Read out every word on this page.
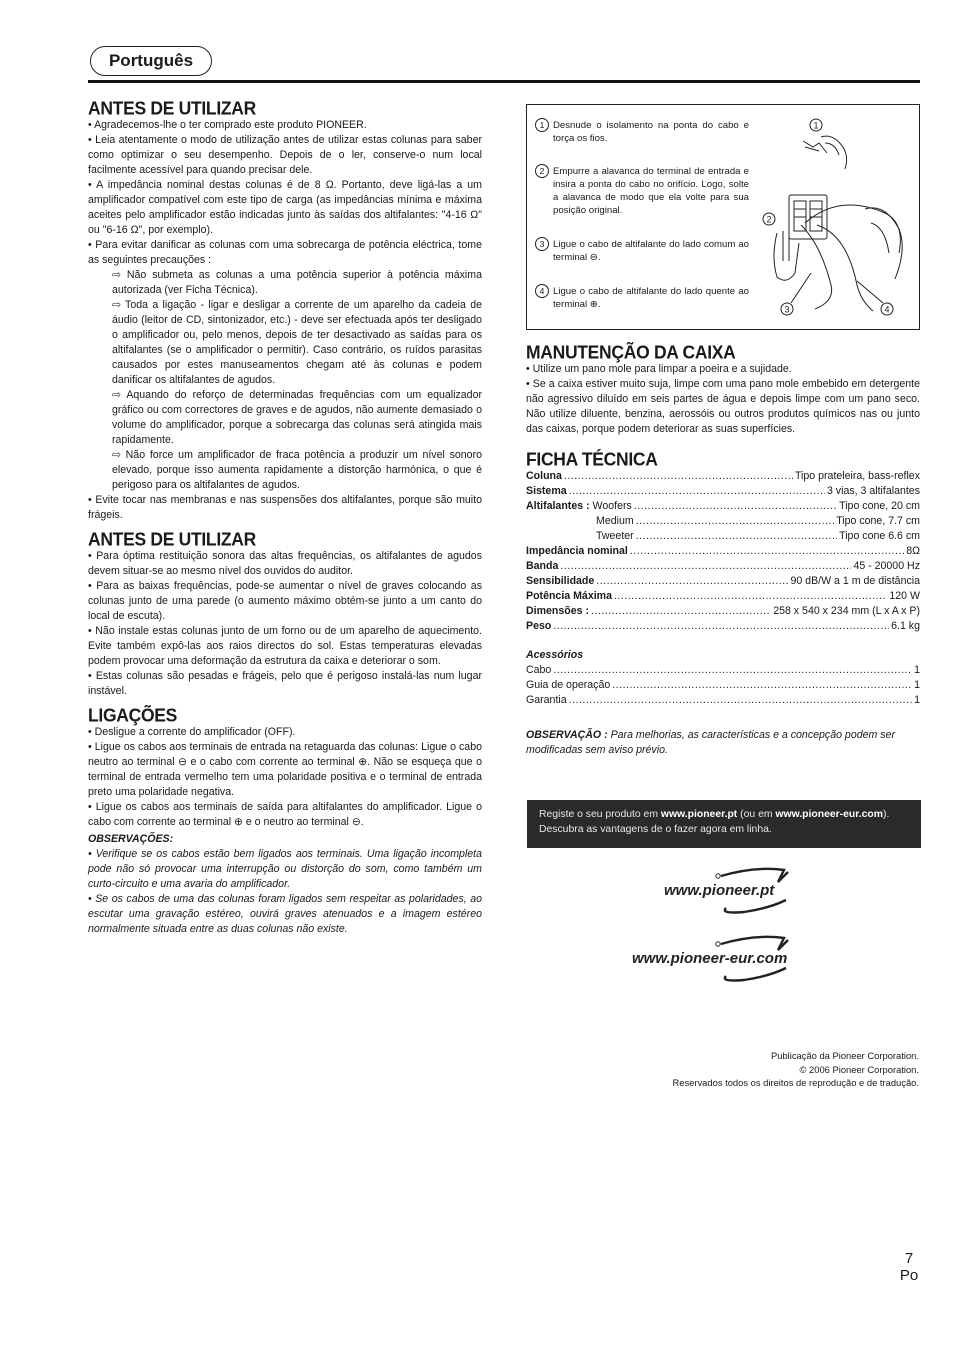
Português
ANTES DE UTILIZAR

• Agradecemos-lhe o ter comprado este produto PIONEER.

• Leia atentamente o modo de utilização antes de utilizar estas colunas para saber como optimizar o seu desempenho. Depois de o ler, conserve-o num local facilmente acessível para quando precisar dele.

• A impedância nominal destas colunas é de 8 Ω. Portanto, deve ligá-las a um amplificador compatível com este tipo de carga (as impedâncias mínima e máxima aceites pelo amplificador estão indicadas junto às saídas dos altifalantes: "4-16 Ω" ou "6-16 Ω", por exemplo).

• Para evitar danificar as colunas com uma sobrecarga de potência eléctrica, tome as seguintes precauções :

⇨ Não submeta as colunas a uma potência superior à potência máxima autorizada (ver Ficha Técnica).

⇨ Toda a ligação - ligar e desligar a corrente de um aparelho da cadeia de áudio (leitor de CD, sintonizador, etc.) - deve ser efectuada após ter desligado o amplificador ou, pelo menos, depois de ter desactivado as saídas para os altifalantes (se o amplificador o permitir). Caso contrário, os ruídos parasitas causados por estes manuseamentos chegam até às colunas e podem danificar os altifalantes de agudos.

⇨ Aquando do reforço de determinadas frequências com um equalizador gráfico ou com correctores de graves e de agudos, não aumente demasiado o volume do amplificador, porque a sobrecarga das colunas será atingida mais rapidamente.

⇨ Não force um amplificador de fraca potência a produzir um nível sonoro elevado, porque isso aumenta rapidamente a distorção harmónica, o que é perigoso para os altifalantes de agudos.

• Evite tocar nas membranas e nas suspensões dos altifalantes, porque são muito frágeis.

ANTES DE UTILIZAR

• Para óptima restituição sonora das altas frequências, os altifalantes de agudos devem situar-se ao mesmo nível dos ouvidos do auditor.

• Para as baixas frequências, pode-se aumentar o nível de graves colocando as colunas junto de uma parede (o aumento máximo obtém-se junto a um canto do local de escuta).

• Não instale estas colunas junto de um forno ou de um aparelho de aquecimento. Evite também expô-las aos raios directos do sol. Estas temperaturas elevadas podem provocar uma deformação da estrutura da caixa e deteriorar o som.

• Estas colunas são pesadas e frágeis, pelo que é perigoso instalá-las num lugar instável.

LIGAÇÕES

• Desligue a corrente do amplificador (OFF).

• Ligue os cabos aos terminais de entrada na retaguarda das colunas: Ligue o cabo neutro ao terminal ⊖ e o cabo com corrente ao terminal ⊕. Não se esqueça que o terminal de entrada vermelho tem uma polaridade positiva e o terminal de entrada preto uma polaridade negativa.

• Ligue os cabos aos terminais de saída para altifalantes do amplificador. Ligue o cabo com corrente ao terminal ⊕ e o neutro ao terminal ⊖.

OBSERVAÇÕES:

• Verifique se os cabos estão bem ligados aos terminais. Uma ligação incompleta pode não só provocar uma interrupção ou distorção do som, como também um curto-circuito e uma avaria do amplificador.

• Se os cabos de uma das colunas foram ligados sem respeitar as polaridades, ao escutar uma gravação estéreo, ouvirá graves atenuados e a imagem estéreo normalmente situada entre as duas colunas não existe.

1 Desnude o isolamento na ponta do cabo e torça os fios.
2 Empurre a alavanca do terminal de entrada e insira a ponta do cabo no orifício. Logo, solte a alavanca de modo que ela volte para sua posição original.
3 Ligue o cabo de altifalante do lado comum ao terminal ⊖.
4 Ligue o cabo de altifalante do lado quente ao terminal ⊕.
1
2
3	4
MANUTENÇÃO DA CAIXA

• Utilize um pano mole para limpar a poeira e a sujidade.

• Se a caixa estiver muito suja, limpe com uma pano mole embebido em detergente não agressivo diluído em seis partes de água e depois limpe com um pano seco. Não utilize diluente, benzina, aerossóis ou outros produtos químicos nas ou junto das caixas, porque podem deteriorar as suas superfícies.

FICHA TÉCNICA
Coluna .....	Tipo prateleira, bass-reflex
Sistema .....	3 vias, 3 altifalantes
Altifalantes :
Woofers .....	Tipo cone, 20 cm
Medium .....	Tipo cone, 7.7 cm
Tweeter .....	Tipo cone 6.6 cm
Impedância nominal .....	8Ω
Banda .....	45 - 20000 Hz
Sensibilidade .....	90 dB/W a 1 m de distância
Potência Máxima .....	120 W
Dimensões : .....	258 x 540 x 234 mm (L x A x P)
Peso .....	6.1 kg

Acessórios

Cabo .....	1
Guia de operação .....	1
Garantia .....	1

OBSERVAÇÃO : Para melhorias, as características e a concepção podem ser modificadas sem aviso prévio.

Registe o seu produto em www.pioneer.pt (ou em www.pioneer-eur.com).
Descubra as vantagens de o fazer agora em linha.
www.pioneer.pt
www.pioneer-eur.com
Publicação da Pioneer Corporation.
© 2006 Pioneer Corporation.
Reservados todos os direitos de reprodução e de tradução.
7
Po
